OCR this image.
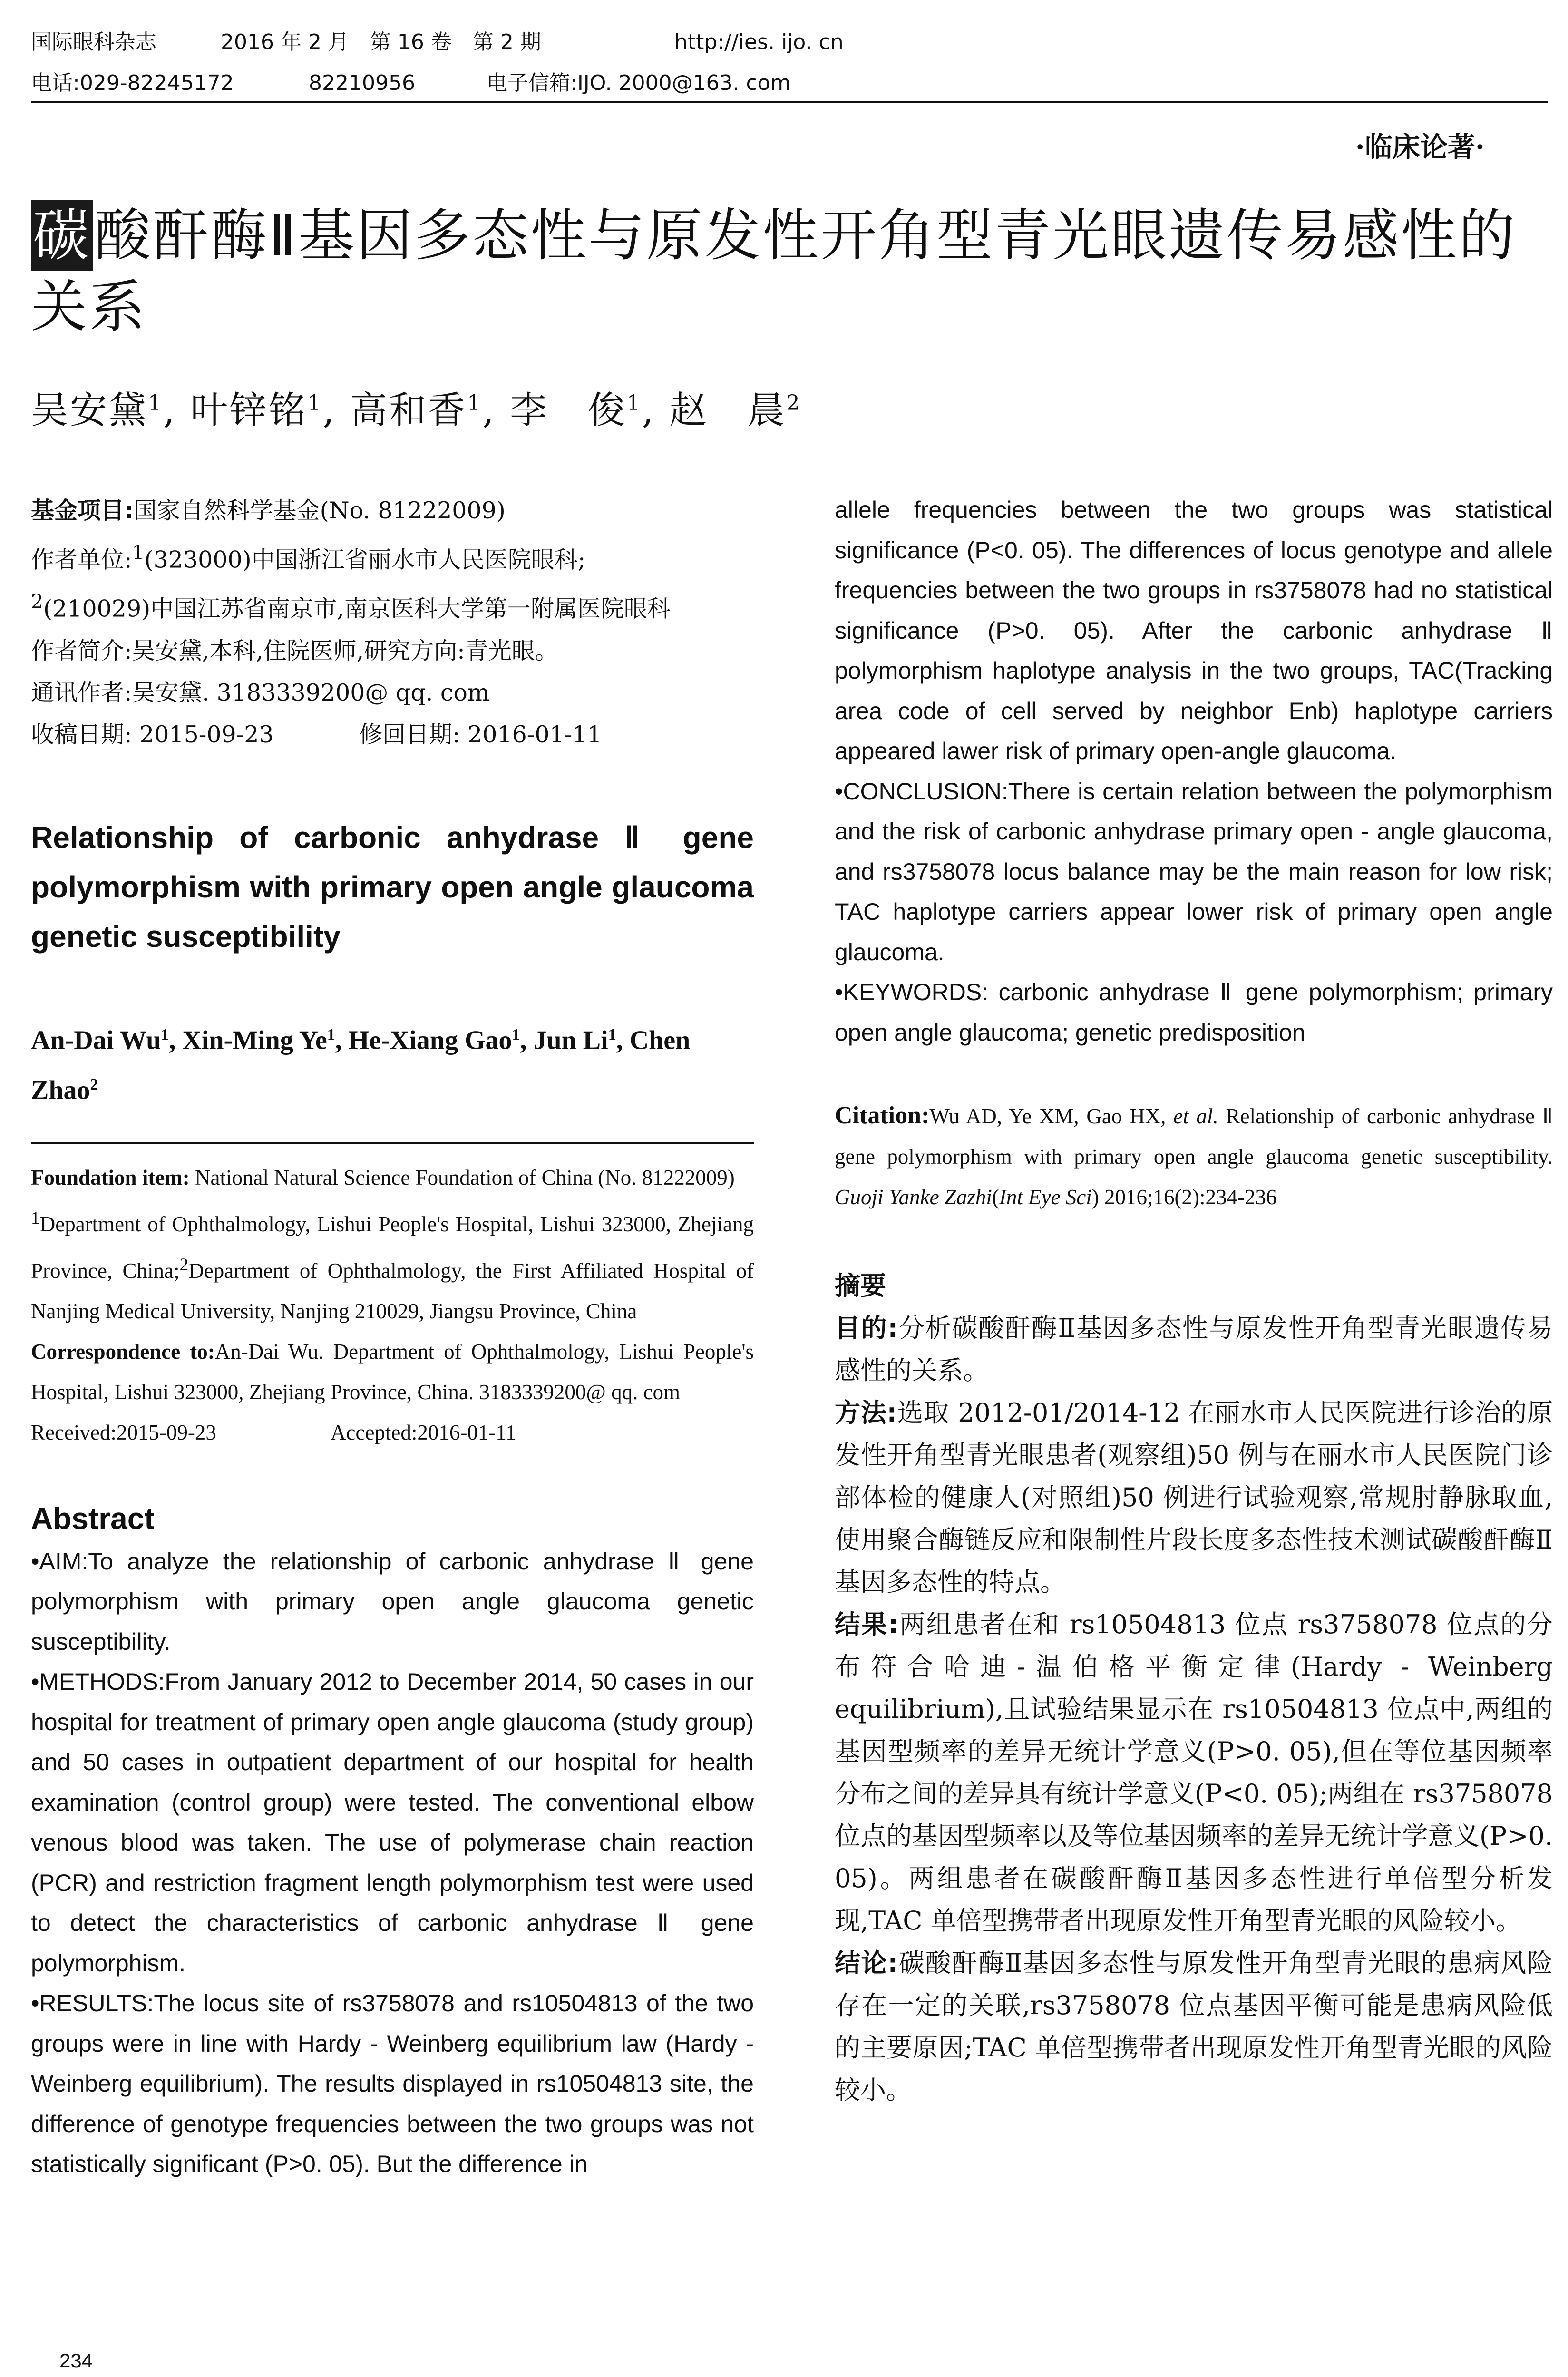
国际眼科杂志	2016 年 2 月　第 16 卷　第 2 期	http://ies. ijo. cn
电话:029-82245172	82210956	电子信箱:IJO. 2000@163. com
·临床论著·
碳酸酐酶Ⅱ基因多态性与原发性开角型青光眼遗传易感性的关系
吴安黛$^1$, 叶锌铭$^1$, 高和香$^1$, 李　俊$^1$, 赵　晨$^2$

基金项目:国家自然科学基金(No. 81222009)

作者单位:$^1$(323000)中国浙江省丽水市人民医院眼科;

$^2$(210029)中国江苏省南京市,南京医科大学第一附属医院眼科

作者简介:吴安黛,本科,住院医师,研究方向:青光眼。

通讯作者:吴安黛. 3183339200@ qq. com

收稿日期: 2015-09-23	修回日期: 2016-01-11

Relationship of carbonic anhydrase Ⅱ gene polymorphism with primary open angle glaucoma genetic susceptibility
An-Dai Wu$^1$, Xin-Ming Ye$^1$, He-Xiang Gao$^1$, Jun Li$^1$, Chen Zhao$^2$

Foundation item: National Natural Science Foundation of China (No. 81222009)

$^1$Department of Ophthalmology, Lishui People's Hospital, Lishui 323000, Zhejiang Province, China;$^2$Department of Ophthalmology, the First Affiliated Hospital of Nanjing Medical University, Nanjing 210029, Jiangsu Province, China

Correspondence to:An-Dai Wu. Department of Ophthalmology, Lishui People's Hospital, Lishui 323000, Zhejiang Province, China. 3183339200@ qq. com

Received:2015-09-23	Accepted:2016-01-11

Abstract

•AIM:To analyze the relationship of carbonic anhydrase Ⅱ gene polymorphism with primary open angle glaucoma genetic susceptibility.

•METHODS:From January 2012 to December 2014, 50 cases in our hospital for treatment of primary open angle glaucoma (study group) and 50 cases in outpatient department of our hospital for health examination (control group) were tested. The conventional elbow venous blood was taken. The use of polymerase chain reaction (PCR) and restriction fragment length polymorphism test were used to detect the characteristics of carbonic anhydrase Ⅱ gene polymorphism.

•RESULTS:The locus site of rs3758078 and rs10504813 of the two groups were in line with Hardy - Weinberg equilibrium law (Hardy - Weinberg equilibrium). The results displayed in rs10504813 site, the difference of genotype frequencies between the two groups was not statistically significant (P>0. 05). But the difference in

allele frequencies between the two groups was statistical significance (P<0. 05). The differences of locus genotype and allele frequencies between the two groups in rs3758078 had no statistical significance (P>0. 05). After the carbonic anhydrase Ⅱ polymorphism haplotype analysis in the two groups, TAC(Tracking area code of cell served by neighbor Enb) haplotype carriers appeared lawer risk of primary open-angle glaucoma.

•CONCLUSION:There is certain relation between the polymorphism and the risk of carbonic anhydrase primary open - angle glaucoma, and rs3758078 locus balance may be the main reason for low risk; TAC haplotype carriers appear lower risk of primary open angle glaucoma.

•KEYWORDS: carbonic anhydrase Ⅱ gene polymorphism; primary open angle glaucoma; genetic predisposition

Citation:Wu AD, Ye XM, Gao HX, et al. Relationship of carbonic anhydrase Ⅱ gene polymorphism with primary open angle glaucoma genetic susceptibility. Guoji Yanke Zazhi(Int Eye Sci) 2016;16(2):234-236
摘要

目的:分析碳酸酐酶Ⅱ基因多态性与原发性开角型青光眼遗传易感性的关系。

方法:选取 2012-01/2014-12 在丽水市人民医院进行诊治的原发性开角型青光眼患者(观察组)50 例与在丽水市人民医院门诊部体检的健康人(对照组)50 例进行试验观察,常规肘静脉取血,使用聚合酶链反应和限制性片段长度多态性技术测试碳酸酐酶Ⅱ基因多态性的特点。

结果:两组患者在和 rs10504813 位点 rs3758078 位点的分布符合哈迪-温伯格平衡定律(Hardy - Weinberg equilibrium),且试验结果显示在 rs10504813 位点中,两组的基因型频率的差异无统计学意义(P>0. 05),但在等位基因频率分布之间的差异具有统计学意义(P<0. 05);两组在 rs3758078 位点的基因型频率以及等位基因频率的差异无统计学意义(P>0. 05)。两组患者在碳酸酐酶Ⅱ基因多态性进行单倍型分析发现,TAC 单倍型携带者出现原发性开角型青光眼的风险较小。

结论:碳酸酐酶Ⅱ基因多态性与原发性开角型青光眼的患病风险存在一定的关联,rs3758078 位点基因平衡可能是患病风险低的主要原因;TAC 单倍型携带者出现原发性开角型青光眼的风险较小。

234
